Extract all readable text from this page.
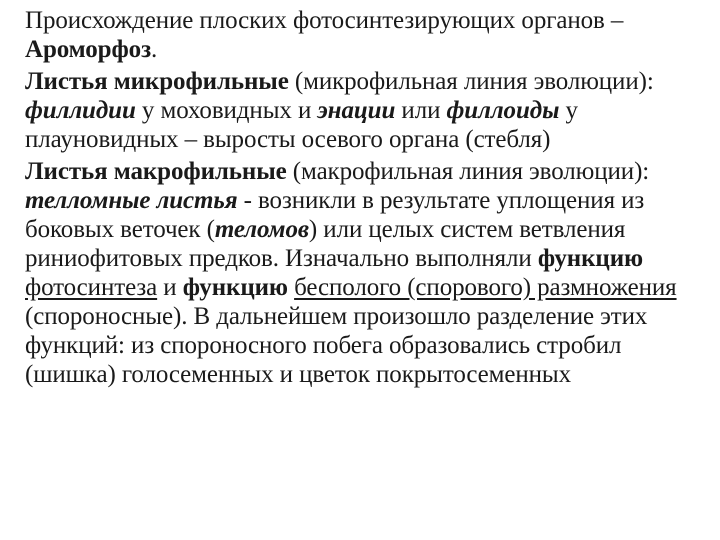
Происхождение плоских фотосинтезирующих органов – Ароморфоз.

Листья микрофильные (микрофильная линия эволюции): филлидии у моховидных и энации или филлоиды у плауновидных – выросты осевого органа (стебля)

Листья макрофильные (макрофильная линия эволюции): телломные листья - возникли в результате уплощения из боковых веточек (теломов) или целых систем ветвления риниофитовых предков. Изначально выполняли функцию фотосинтеза и функцию бесполого (спорового) размножения (спороносные). В дальнейшем произошло разделение этих функций: из спороносного побега образовались стробил (шишка) голосеменных и цветок покрытосеменных
